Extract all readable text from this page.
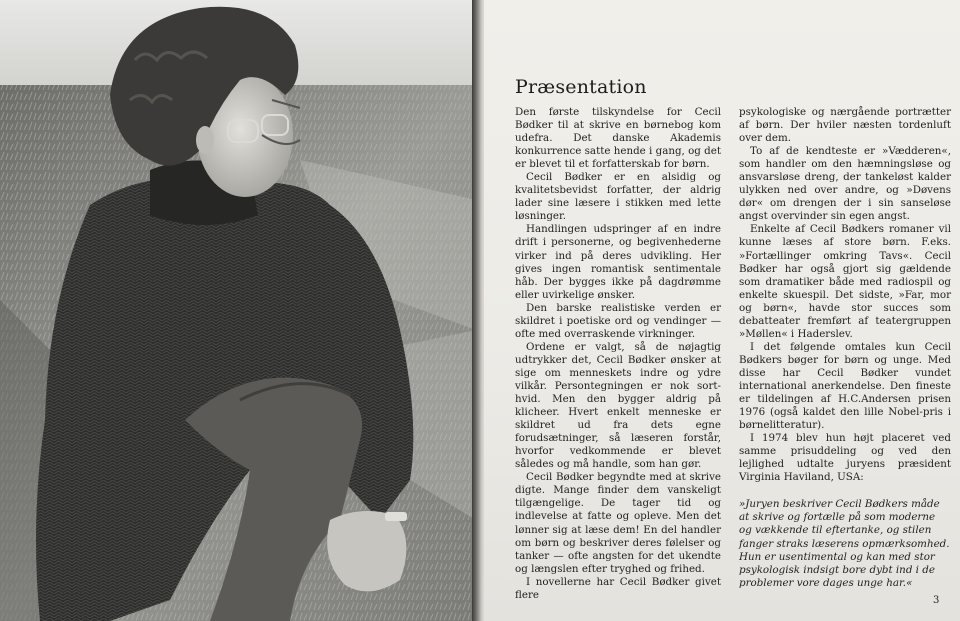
Præsentation

Den første tilskyndelse for Cecil Bødker til at skrive en børnebog kom udefra. Det danske Akademis konkurrence satte hende i gang, og det er blevet til et forfatterskab for børn.

Cecil Bødker er en alsidig og kvalitetsbevidst forfatter, der aldrig lader sine læsere i stikken med lette løsninger.

Handlingen udspringer af en indre drift i personerne, og begivenhederne virker ind på deres udvikling. Her gives ingen romantisk sentimentale håb. Der bygges ikke på dagdrømme eller uvirkelige ønsker.

Den barske realistiske verden er skildret i poetiske ord og vendinger — ofte med overraskende virkninger.

Ordene er valgt, så de nøjagtig udtrykker det, Cecil Bødker ønsker at sige om menneskets indre og ydre vilkår. Persontegningen er nok sort-hvid. Men den bygger aldrig på klicheer. Hvert enkelt menneske er skildret ud fra dets egne forudsætninger, så læseren forstår, hvorfor vedkommende er blevet således og må handle, som han gør.

Cecil Bødker begyndte med at skrive digte. Mange finder dem vanskeligt tilgængelige. De tager tid og indlevelse at fatte og opleve. Men det lønner sig at læse dem! En del handler om børn og beskriver deres følelser og tanker — ofte angsten for det ukendte og længslen efter tryghed og frihed.

I novellerne har Cecil Bødker givet flere

psykologiske og nærgående portrætter af børn. Der hviler næsten tordenluft over dem.

To af de kendteste er »Vædderen«, som handler om den hæmningsløse og ansvarsløse dreng, der tankeløst kalder ulykken ned over andre, og »Døvens dør« om drengen der i sin sanseløse angst overvinder sin egen angst.

Enkelte af Cecil Bødkers romaner vil kunne læses af store børn. F.eks. »Fortællinger omkring Tavs«. Cecil Bødker har også gjort sig gældende som dramatiker både med radiospil og enkelte skuespil. Det sidste, »Far, mor og børn«, havde stor succes som debatteater fremført af teatergruppen »Møllen« i Haderslev.

I det følgende omtales kun Cecil Bødkers bøger for børn og unge. Med disse har Cecil Bødker vundet international anerkendelse. Den fineste er tildelingen af H.C.Andersen prisen 1976 (også kaldet den lille Nobel-pris i børnelitteratur).

I 1974 blev hun højt placeret ved samme prisuddeling og ved den lejlighed udtalte juryens præsident Virginia Haviland, USA:

»Juryen beskriver Cecil Bødkers måde at skrive og fortælle på som moderne og vækkende til eftertanke, og stilen fanger straks læserens opmærksomhed. Hun er usentimental og kan med stor psykologisk indsigt bore dybt ind i de problemer vore dages unge har.«

3
